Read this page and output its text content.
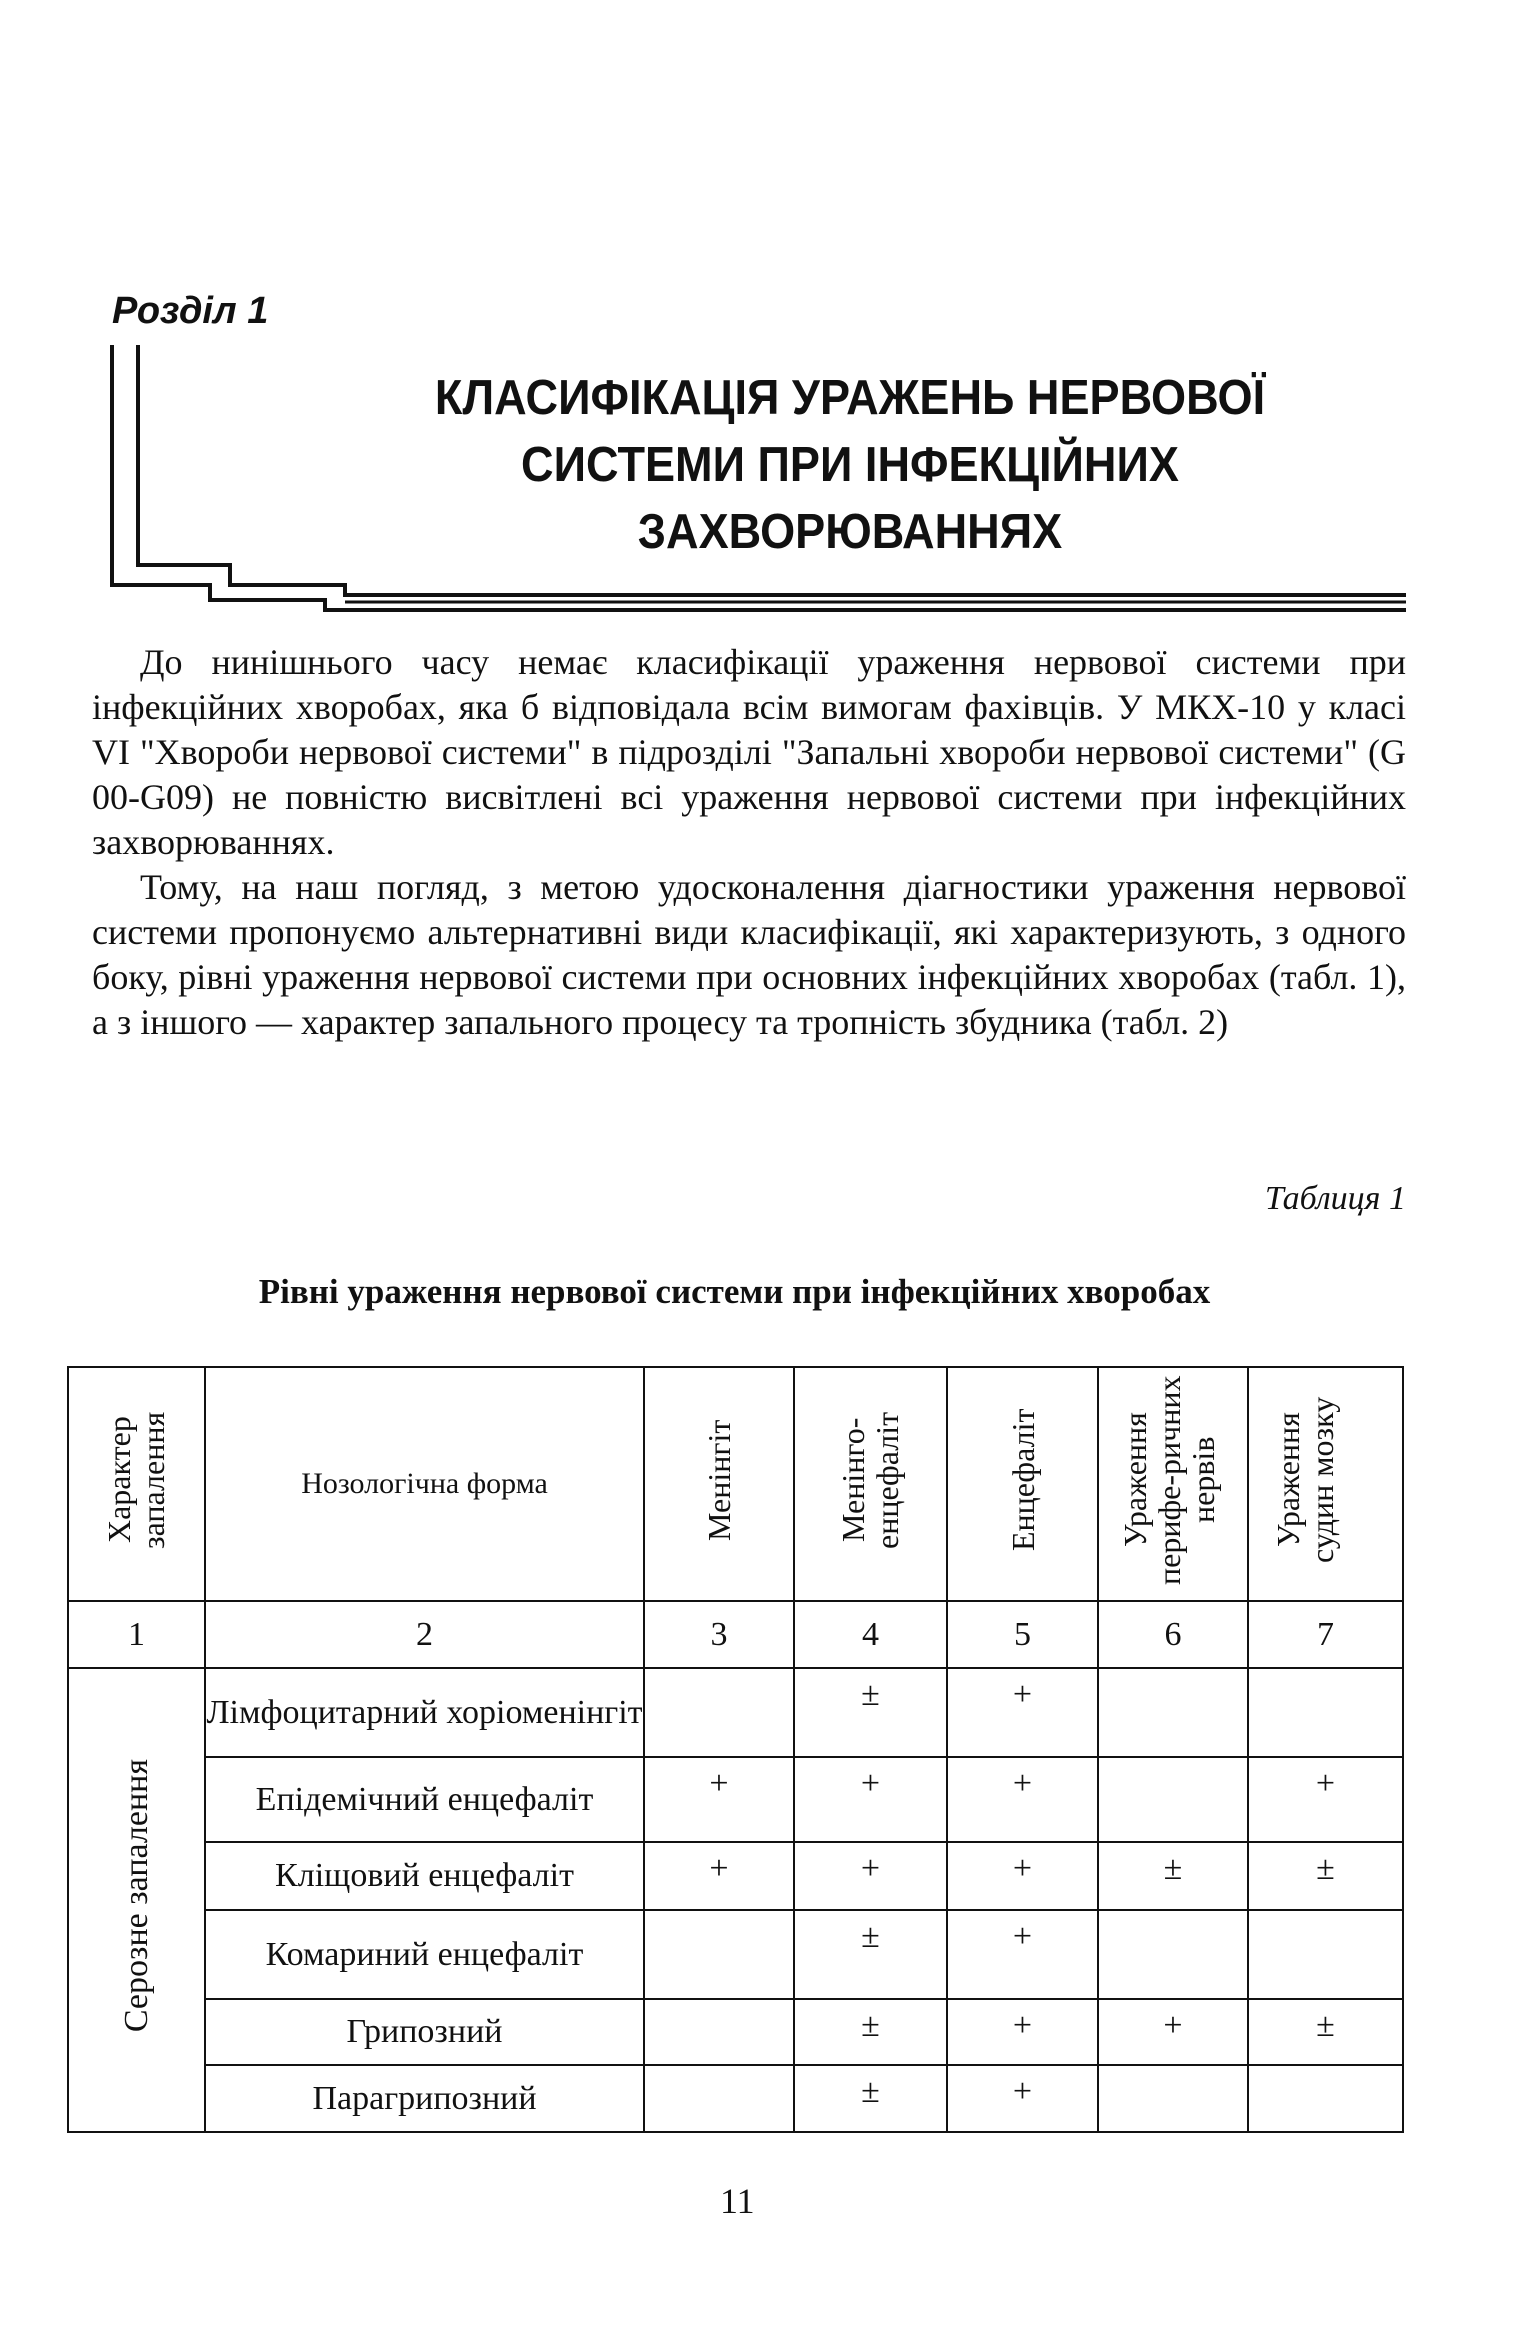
Розділ 1
КЛАСИФІКАЦІЯ УРАЖЕНЬ НЕРВОВОЇ
СИСТЕМИ ПРИ ІНФЕКЦІЙНИХ
ЗАХВОРЮВАННЯХ

До нинішнього часу немає класифікації ураження нервової системи при інфекційних хворобах, яка б відповідала всім вимогам фахівців. У МКХ-10 у класі VI "Хвороби нервової системи" в підрозділі "Запальні хвороби нервової системи" (G 00-G09) не повністю висвітлені всі ураження нервової системи при інфекційних захворюваннях.

Тому, на наш погляд, з метою удосконалення діагностики ураження нервової системи пропонуємо альтернативні види класифікації, які характеризують, з одного боку, рівні ураження нервової системи при основних інфекційних хворобах (табл. 1), а з іншого — характер запального процесу та тропність збудника (табл. 2)

Таблиця 1
Рівні ураження нервової системи при інфекційних хворобах
Характер запалення	Нозологічна форма	Менінгіт	Менінго-енцефаліт	Енцефаліт	Ураження перифе-ричних нервів	Ураження судин мозку
1	2	3	4	5	6	7
Серозне запалення	Лімфоцитарний хоріоменінгіт		±	+		
	Епідемічний енцефаліт	+	+	+		+
	Кліщовий енцефаліт	+	+	+	±	±
	Комариний енцефаліт		±	+		
	Грипозний		±	+	+	±
	Парагрипозний		±	+		
11
